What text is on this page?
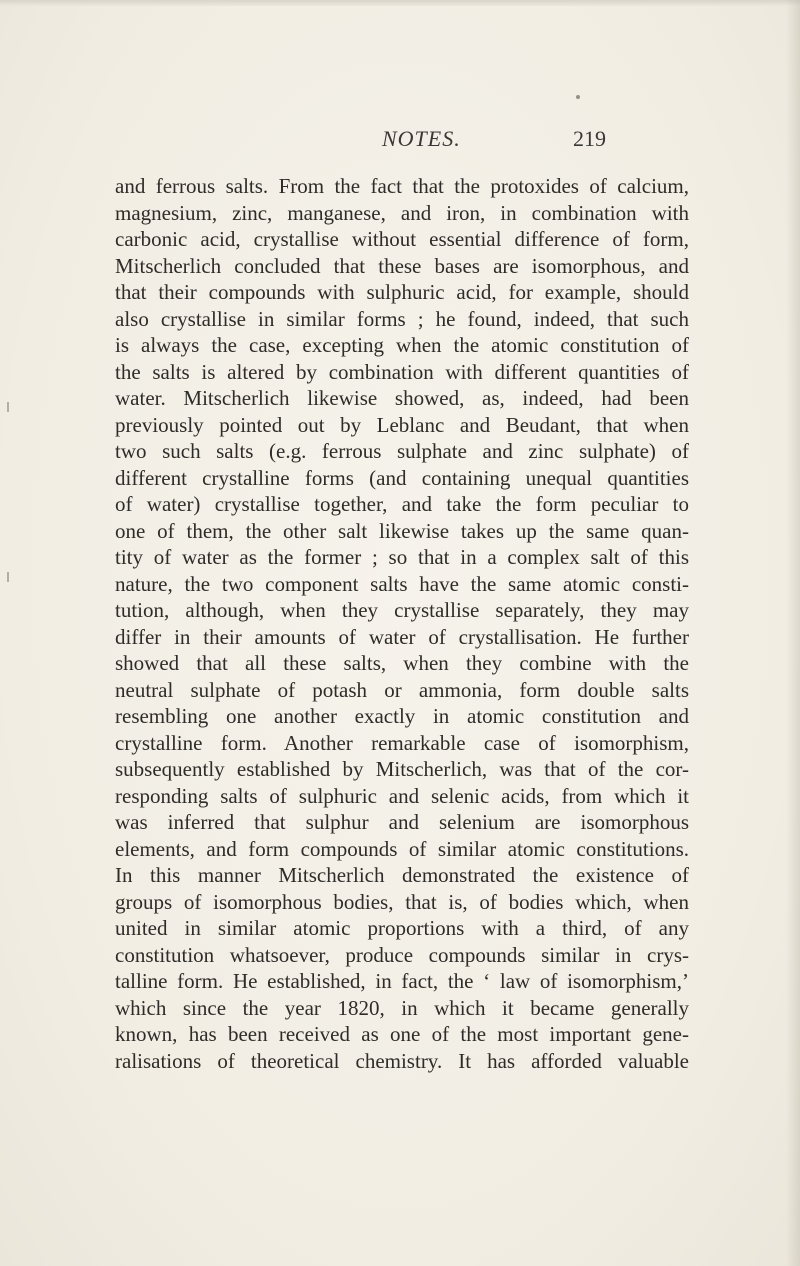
NOTES.	219
and ferrous salts. From the fact that the protoxides of calcium,
magnesium, zinc, manganese, and iron, in combination with
carbonic acid, crystallise without essential difference of form,
Mitscherlich concluded that these bases are isomorphous, and
that their compounds with sulphuric acid, for example, should
also crystallise in similar forms ; he found, indeed, that such
is always the case, excepting when the atomic constitution of
the salts is altered by combination with different quantities of
water. Mitscherlich likewise showed, as, indeed, had been
previously pointed out by Leblanc and Beudant, that when
two such salts (e.g. ferrous sulphate and zinc sulphate) of
different crystalline forms (and containing unequal quantities
of water) crystallise together, and take the form peculiar to
one of them, the other salt likewise takes up the same quan-
tity of water as the former ; so that in a complex salt of this
nature, the two component salts have the same atomic consti-
tution, although, when they crystallise separately, they may
differ in their amounts of water of crystallisation. He further
showed that all these salts, when they combine with the
neutral sulphate of potash or ammonia, form double salts
resembling one another exactly in atomic constitution and
crystalline form. Another remarkable case of isomorphism,
subsequently established by Mitscherlich, was that of the cor-
responding salts of sulphuric and selenic acids, from which it
was inferred that sulphur and selenium are isomorphous
elements, and form compounds of similar atomic constitutions.
In this manner Mitscherlich demonstrated the existence of
groups of isomorphous bodies, that is, of bodies which, when
united in similar atomic proportions with a third, of any
constitution whatsoever, produce compounds similar in crys-
talline form. He established, in fact, the ‘ law of isomorphism,’
which since the year 1820, in which it became generally
known, has been received as one of the most important gene-
ralisations of theoretical chemistry. It has afforded valuable
